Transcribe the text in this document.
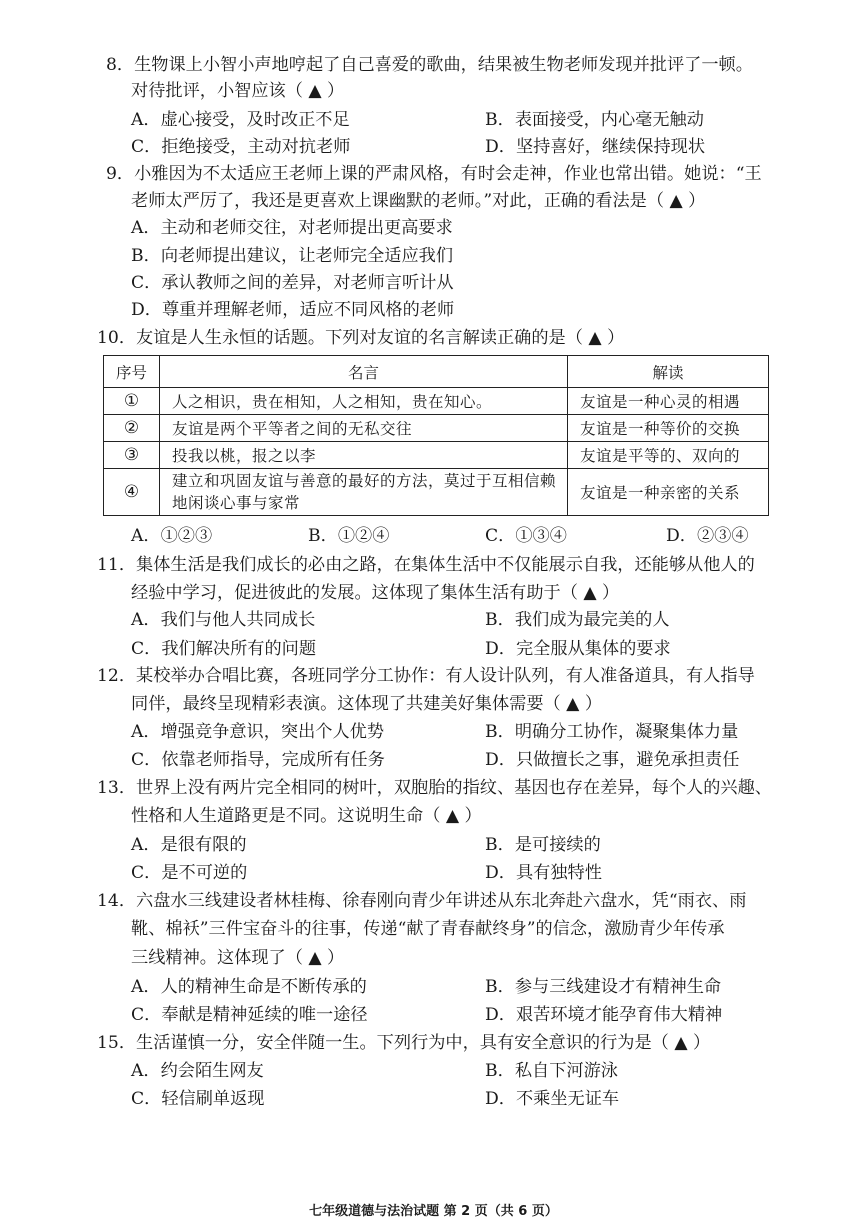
8．生物课上小智小声地哼起了自己喜爱的歌曲，结果被生物老师发现并批评了一顿。
对待批评，小智应该（ ▲ ）
A．虚心接受，及时改正不足	B．表面接受，内心毫无触动
C．拒绝接受，主动对抗老师	D．坚持喜好，继续保持现状
9．小雅因为不太适应王老师上课的严肃风格，有时会走神，作业也常出错。她说：“王
老师太严厉了，我还是更喜欢上课幽默的老师。”对此，正确的看法是（ ▲ ）
A．主动和老师交往，对老师提出更高要求
B．向老师提出建议，让老师完全适应我们
C．承认教师之间的差异，对老师言听计从
D．尊重并理解老师，适应不同风格的老师
10．友谊是人生永恒的话题。下列对友谊的名言解读正确的是（ ▲ ）
序号	名言	解读
①	人之相识，贵在相知，人之相知，贵在知心。	友谊是一种心灵的相遇
②	友谊是两个平等者之间的无私交往	友谊是一种等价的交换
③	投我以桃，报之以李	友谊是平等的、双向的
④	建立和巩固友谊与善意的最好的方法，莫过于互相信赖地闲谈心事与家常	友谊是一种亲密的关系
A．①②③	B．①②④	C．①③④	D．②③④
11．集体生活是我们成长的必由之路，在集体生活中不仅能展示自我，还能够从他人的
经验中学习，促进彼此的发展。这体现了集体生活有助于（ ▲ ）
A．我们与他人共同成长	B．我们成为最完美的人
C．我们解决所有的问题	D．完全服从集体的要求
12．某校举办合唱比赛，各班同学分工协作：有人设计队列，有人准备道具，有人指导
同伴，最终呈现精彩表演。这体现了共建美好集体需要（ ▲ ）
A．增强竞争意识，突出个人优势	B．明确分工协作，凝聚集体力量
C．依靠老师指导，完成所有任务	D．只做擅长之事，避免承担责任
13．世界上没有两片完全相同的树叶，双胞胎的指纹、基因也存在差异，每个人的兴趣、
性格和人生道路更是不同。这说明生命（ ▲ ）
A．是很有限的	B．是可接续的
C．是不可逆的	D．具有独特性
14．六盘水三线建设者林桂梅、徐春刚向青少年讲述从东北奔赴六盘水，凭“雨衣、雨
靴、棉袄”三件宝奋斗的往事，传递“献了青春献终身”的信念，激励青少年传承
三线精神。这体现了（ ▲ ）
A．人的精神生命是不断传承的	B．参与三线建设才有精神生命
C．奉献是精神延续的唯一途径	D．艰苦环境才能孕育伟大精神
15．生活谨慎一分，安全伴随一生。下列行为中，具有安全意识的行为是（ ▲ ）
A．约会陌生网友	B．私自下河游泳
C．轻信刷单返现	D．不乘坐无证车
七年级道德与法治试题 第 2 页（共 6 页）
